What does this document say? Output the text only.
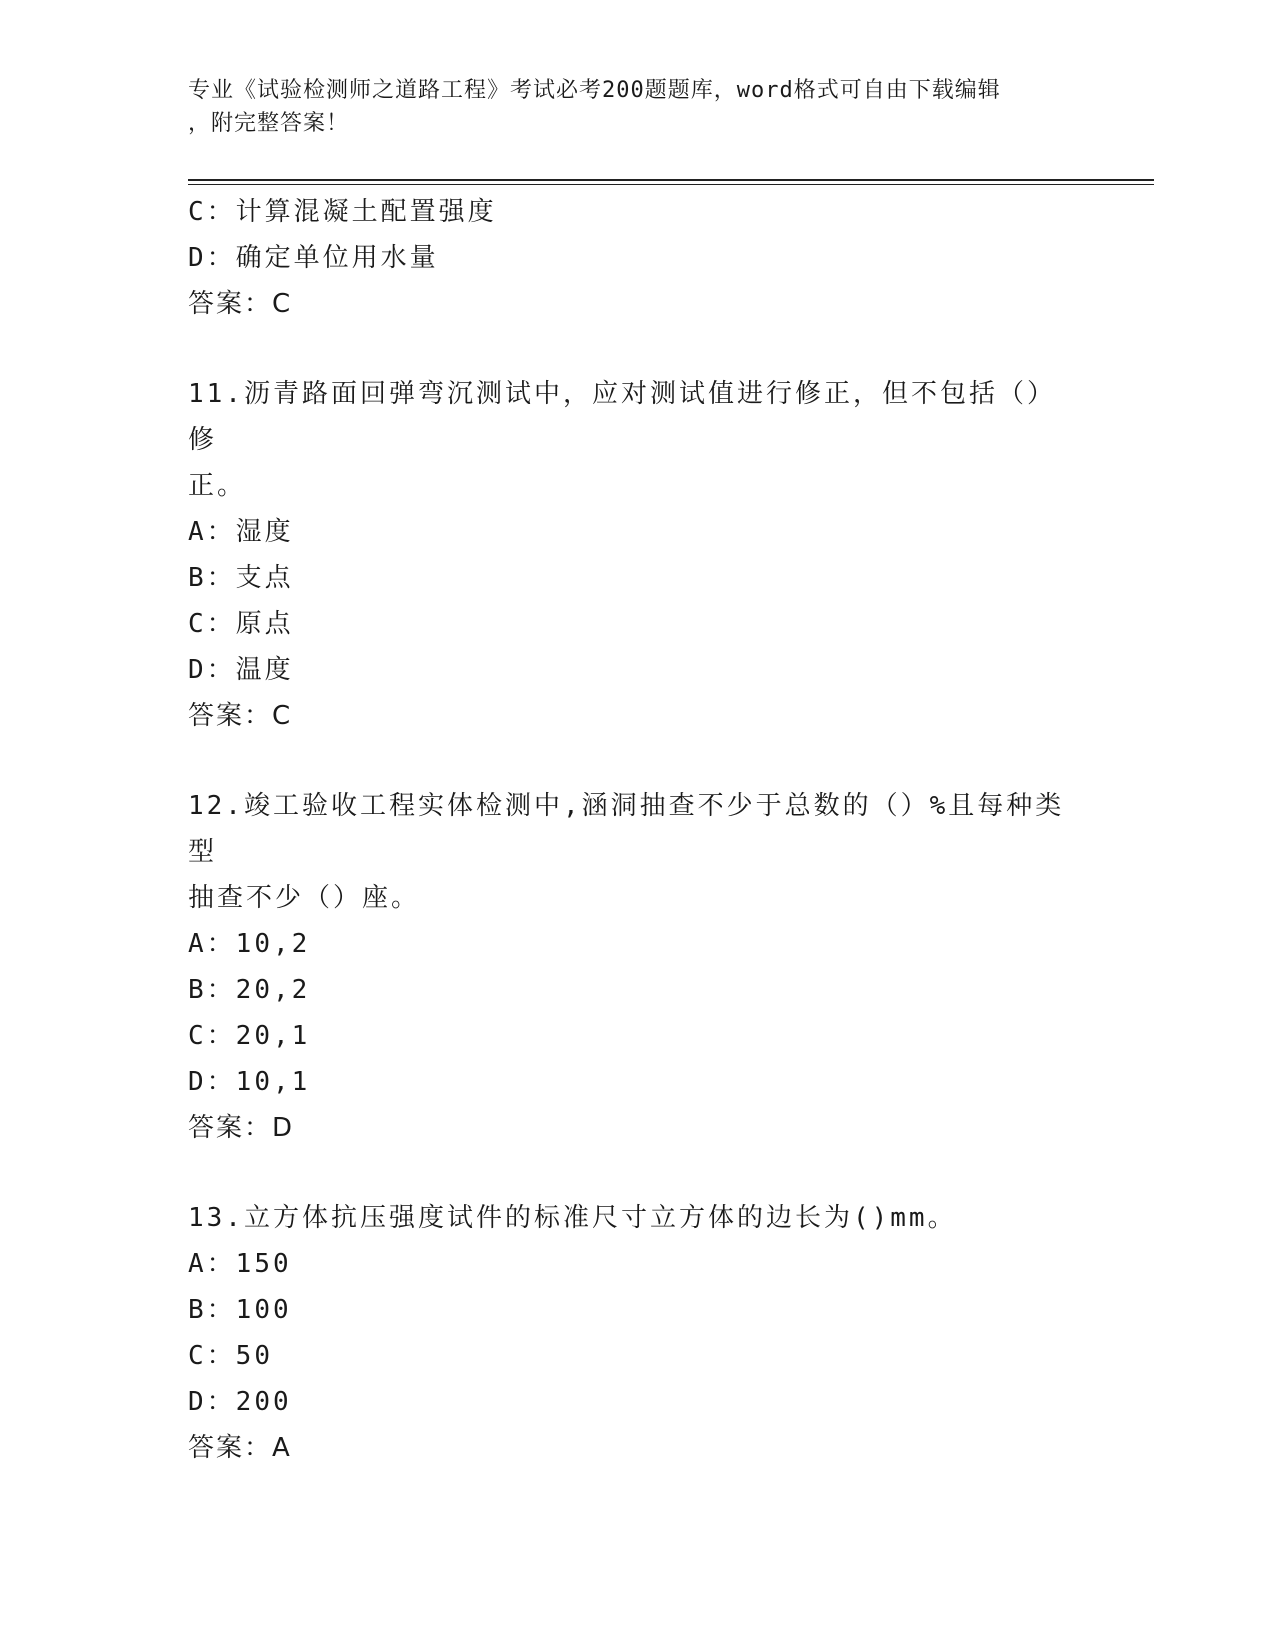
专业《试验检测师之道路工程》考试必考200题题库，word格式可自由下载编辑
，附完整答案！
C：计算混凝土配置强度
D：确定单位用水量
答案：C
11.沥青路面回弹弯沉测试中，应对测试值进行修正，但不包括（）修
正。
A：湿度
B：支点
C：原点
D：温度
答案：C
12.竣工验收工程实体检测中,涵洞抽查不少于总数的（）%且每种类型
抽查不少（）座。
A：10,2
B：20,2
C：20,1
D：10,1
答案：D
13.立方体抗压强度试件的标准尺寸立方体的边长为()mm。
A：150
B：100
C：50
D：200
答案：A
